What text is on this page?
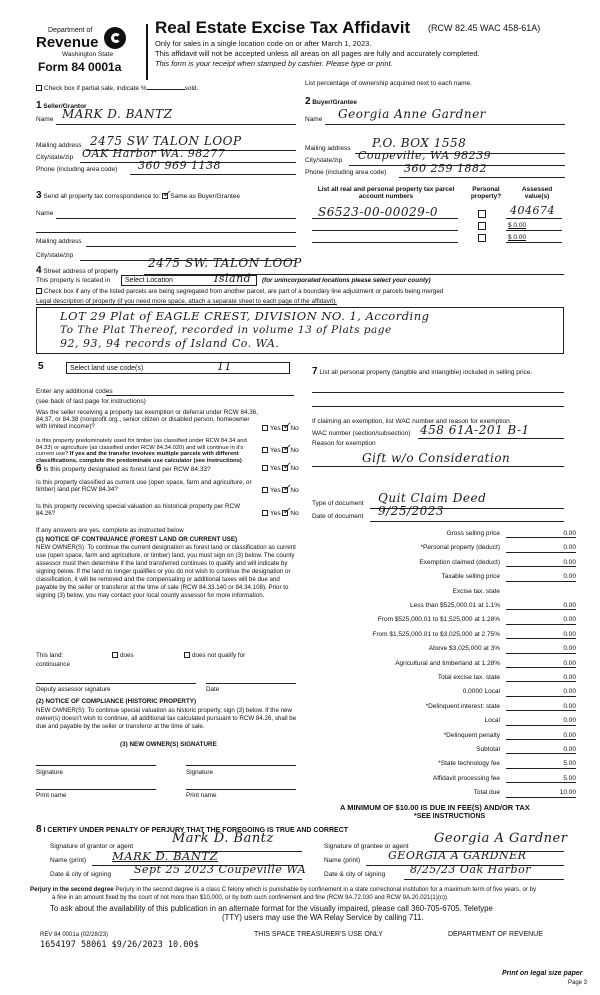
Department of
Revenue
Washington State
Form 84 0001a
Real Estate Excise Tax Affidavit (RCW 82.45 WAC 458-61A)
Only for sales in a single location code on or after March 1, 2023.
This affidavit will not be accepted unless all areas on all pages are fully and accurately completed.
This form is your receipt when stamped by cashier. Please type or print.
Check box if partial sale, indicate %	sold.
List percentage of ownership acquired next to each name.
1 Seller/Grantor
Name MARK D. BANTZ
Mailing address 2475 SW TALON LOOP
City/state/zip OAK Harbor WA. 98277
Phone (including area code) 360 969 1138
2 Buyer/Grantee
Name Georgia Anne Gardner
Mailing address P.O. BOX 1558
City/state/zip Coupeville, WA 98239
Phone (including area code) 360 259 1882
3 Send all property tax correspondence to: ✓ Same as Buyer/Grantee
Name
Mailing address
City/state/zip
List all real and personal property tax parcel account numbers
Personal property?
Assessed value(s)
S6523-00-00029-0	404674
$ 0.00
$ 0.00
4 Street address of property
2475 SW. TALON LOOP
This property is located in Select Location	Island (for unincorporated locations please select your county)
Check box if any of the listed parcels are being segregated from another parcel, are part of a boundary line adjustment or parcels being merged
Legal description of property (if you need more space, attach a separate sheet to each page of the affidavit).
LOT 29 Plat of EAGLE CREST, DIVISION NO. 1, According
To The Plat Thereof, recorded in volume 13 of Plats page
92, 93, 94 records of Island Co. WA.
5	Select land use code(s)	11
Enter any additional codes
(see back of last page for instructions)
Was the seller receiving a property tax exemption or deferral under RCW 84.36, 84.37, or 84.38 (nonprofit org., senior citizen or disabled person, homeowner with limited income)?	Yes ✓ No
Is this property predominately used for timber (as classified under RCW 84.34 and 84.33) or agriculture (as classified under RCW 84.34.020) and will continue in it's current use? If yes and the transfer involves multiple parcels with different classifications, complete the predominate use calculator (see instructions)
Yes ✓ No
7 List all personal property (tangible and intangible) included in selling price.
If claiming an exemption, list WAC number and reason for exemption.
WAC number (section/subsection) 458 61A-201 B-1
Reason for exemption
Gift w/o Consideration
6 Is this property designated as forest land per RCW 84.33?	Yes ✓ No
Is this property classified as current use (open space, farm and agriculture, or timber) land per RCW 84.34?	Yes ✓ No
Is this property receiving special valuation as historical property per RCW 84.26?	Yes ✓ No
If any answers are yes, complete as instructed below
(1) NOTICE OF CONTINUANCE (FOREST LAND OR CURRENT USE)
NEW OWNER(S): To continue the current designation as forest land or classification as current use (open space, farm and agriculture, or timber) land, you must sign on (3) below. The county assessor must then determine if the land transferred continues to qualify and will indicate by signing below. If the land no longer qualifies or you do not wish to continue the designation or classification, it will be removed and the compensating or additional taxes will be due and payable by the seller or transferor at the time of sale (RCW 84.33.140 or 84.34.108). Prior to signing (3) below, you may contact your local county assessor for more information.
This land:	does	does not qualify for
continuance
Deputy assessor signature	Date
(2) NOTICE OF COMPLIANCE (HISTORIC PROPERTY)
NEW OWNER(S): To continue special valuation as historic property, sign (3) below. If the new owner(s) doesn't wish to continue, all additional tax calculated pursuant to RCW 84.26, shall be due and payable by the seller or transferor at the time of sale.
(3) NEW OWNER(S) SIGNATURE
Signature	Signature
Print name	Print name
Type of document Quit Claim Deed
Date of document 9/25/2023
Gross selling price	0.00
*Personal property (deduct)	0.00
Exemption claimed (deduct)	0.00
Taxable selling price	0.00
Excise tax. state
Less than $525,000.01 at 1.1%	0.00
From $525,000.01 to $1,525,000 at 1.28%	0.00
From $1,525,000.01 to $3,025,000 at 2.75%	0.00
Above $3,025,000 at 3%	0.00
Agricultural and timberland at 1.28%	0.00
Total excise tax. state	0.00
0.0000 Local	0.00
*Delinquent interest: state	0.00
Local	0.00
*Delinquent penalty	0.00
Subtotal	0.00
*State technology fee	5.00
Affidavit processing fee	5.00
Total due	10.00
A MINIMUM OF $10.00 IS DUE IN FEE(S) AND/OR TAX
*SEE INSTRUCTIONS
8 I CERTIFY UNDER PENALTY OF PERJURY THAT THE FOREGOING IS TRUE AND CORRECT
Signature of grantor or agent
Mark D. Bantz
Name (print) MARK D. BANTZ
Date & city of signing Sept 25 2023 Coupeville WA
Signature of grantee or agent
Georgia A Gardner
Name (print)	GEORGIA A GARDNER
Date & city of signing 8/25/23 Oak Harbor
Perjury in the second degree Perjury in the second degree is a class C felony which is punishable by confinement in a state correctional institution for a maximum term of five years, or by
a fine in an amount fixed by the court of not more than $10,000, or by both such confinement and fine (RCW 9A.72.030 and RCW 9A.20.021(1)(c)).
To ask about the availability of this publication in an alternate format for the visually impaired, please call 360-705-6705. Teletype
(TTY) users may use the WA Relay Service by calling 711.
REV 84 0001a (02/28/23)
1654197 58061 $9/26/2023 10.00$
THIS SPACE TREASURER'S USE ONLY	DEPARTMENT OF REVENUE
Print on legal size paper
Page 3
